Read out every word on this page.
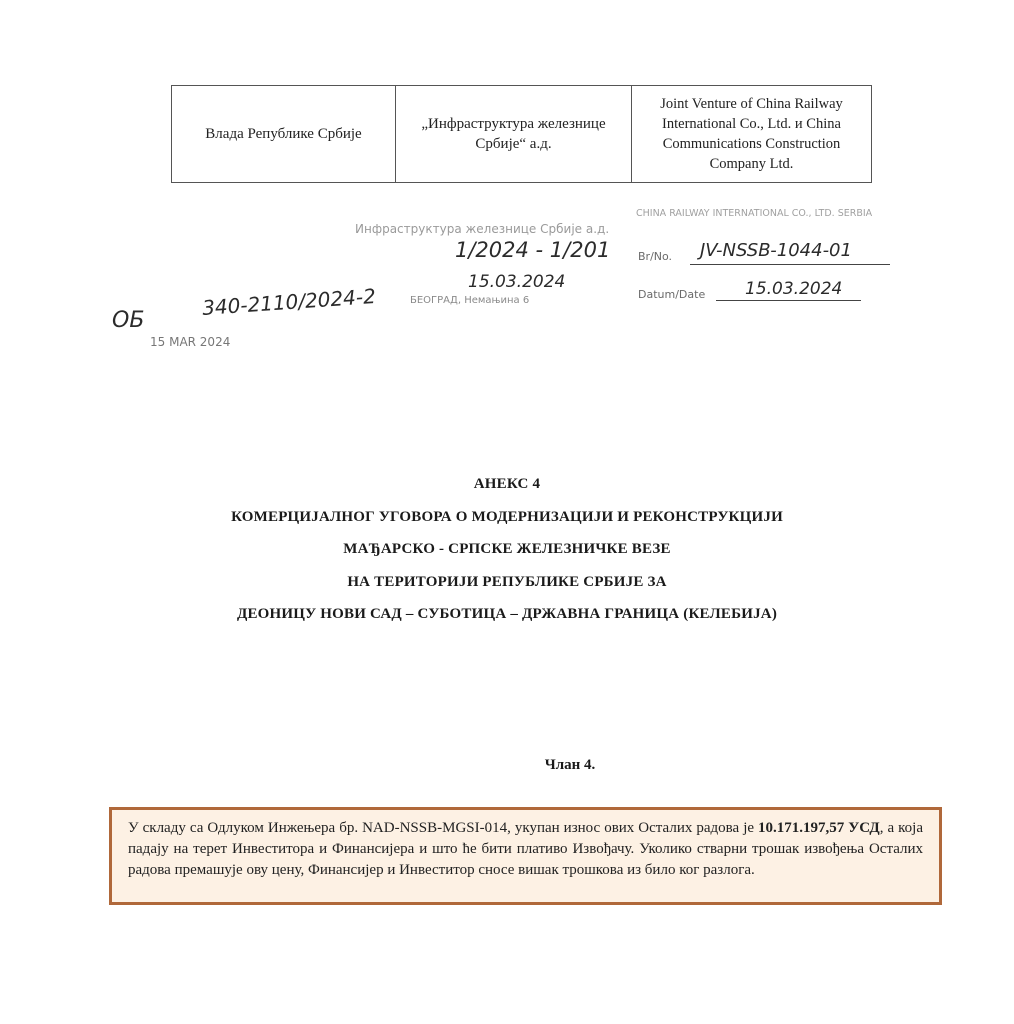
Влада Републике Србије	„Инфраструктура железнице Србије“ а.д.	Joint Venture of China Railway International Co., Ltd. и China Communications Construction Company Ltd.
Инфраструктура железнице Србије а.д.
CHINA RAILWAY INTERNATIONAL CO., LTD. SERBIA
1/2024 - 1/201
15.03.2024
БЕОГРАД, Немањина 6
ОБ
340-2110/2024-2
15 MAR 2024
Br/No. JV-NSSB-1044-01
Datum/Date 15.03.2024
АНЕКС 4
КОМЕРЦИЈАЛНОГ УГОВОРА О МОДЕРНИЗАЦИЈИ И РЕКОНСТРУКЦИЈИ
МАЂАРСКО - СРПСКЕ ЖЕЛЕЗНИЧКЕ ВЕЗЕ
НА ТЕРИТОРИЈИ РЕПУБЛИКЕ СРБИЈЕ ЗА
ДЕОНИЦУ НОВИ САД – СУБОТИЦА – ДРЖАВНА ГРАНИЦА (КЕЛЕБИЈА)
Члан 4.
У складу са Одлуком Инжењера бр. NAD-NSSB-MGSI-014, укупан износ ових Осталих радова је 10.171.197,57 УСД, а која падају на терет Инвеститора и Финансијера и што ће бити плативо Извођачу. Уколико стварни трошак извођења Осталих радова премашује ову цену, Финансијер и Инвеститор сносе вишак трошкова из било ког разлога.
